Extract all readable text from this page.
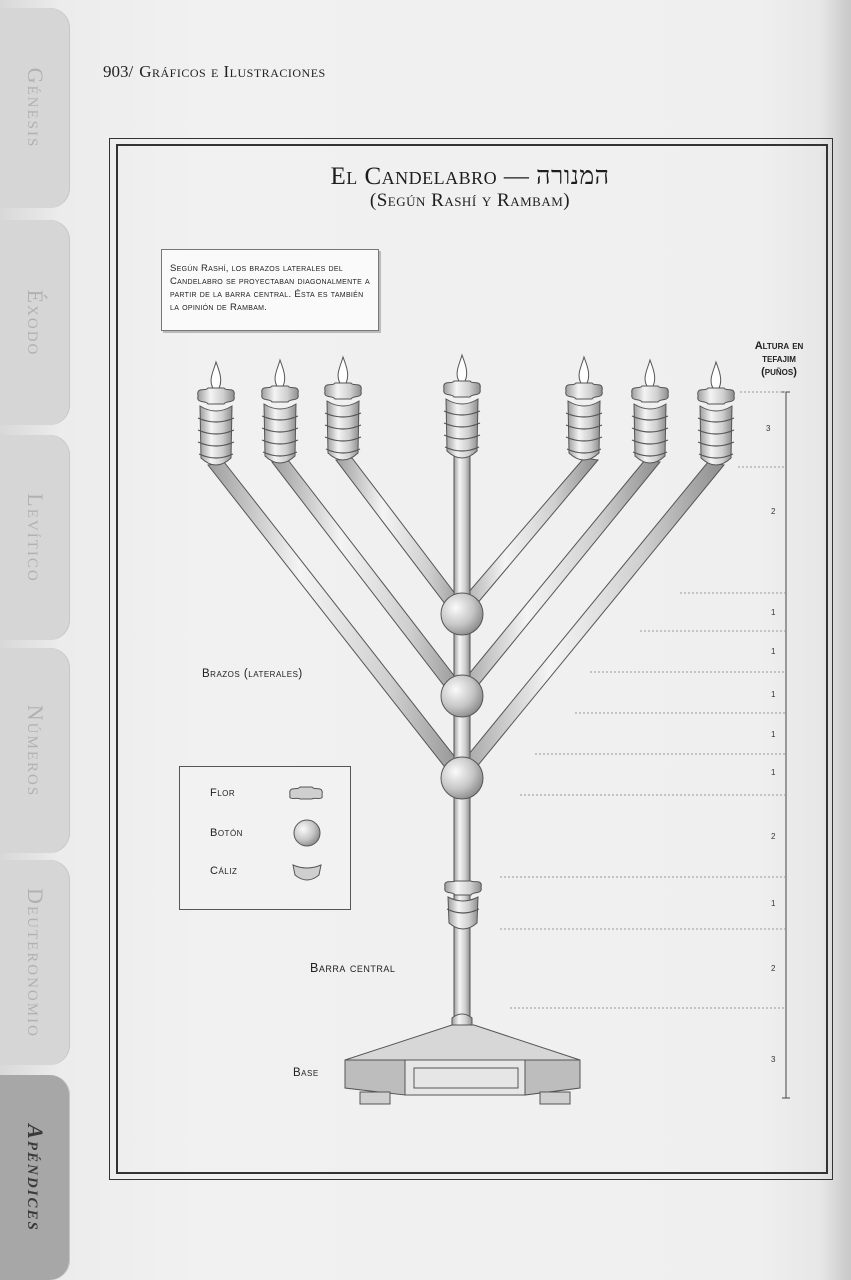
Génesis
Éxodo
Levítico
Números
Deuteronomio
Apéndices
903/ Gráficos e Ilustraciones
El Candelabro — המנורה
(Según Rashí y Rambam)
Según Rashí, los brazos laterales del Candelabro se proyectaban diagonalmente a partir de la barra central. Ésta es también la opinión de Rambam.
3
2
1
1
1
1
1
2
1
2
3
Altura en
tefajim
(puños)
Brazos (laterales)
Barra central
Base
Flor
Botón
Cáliz
